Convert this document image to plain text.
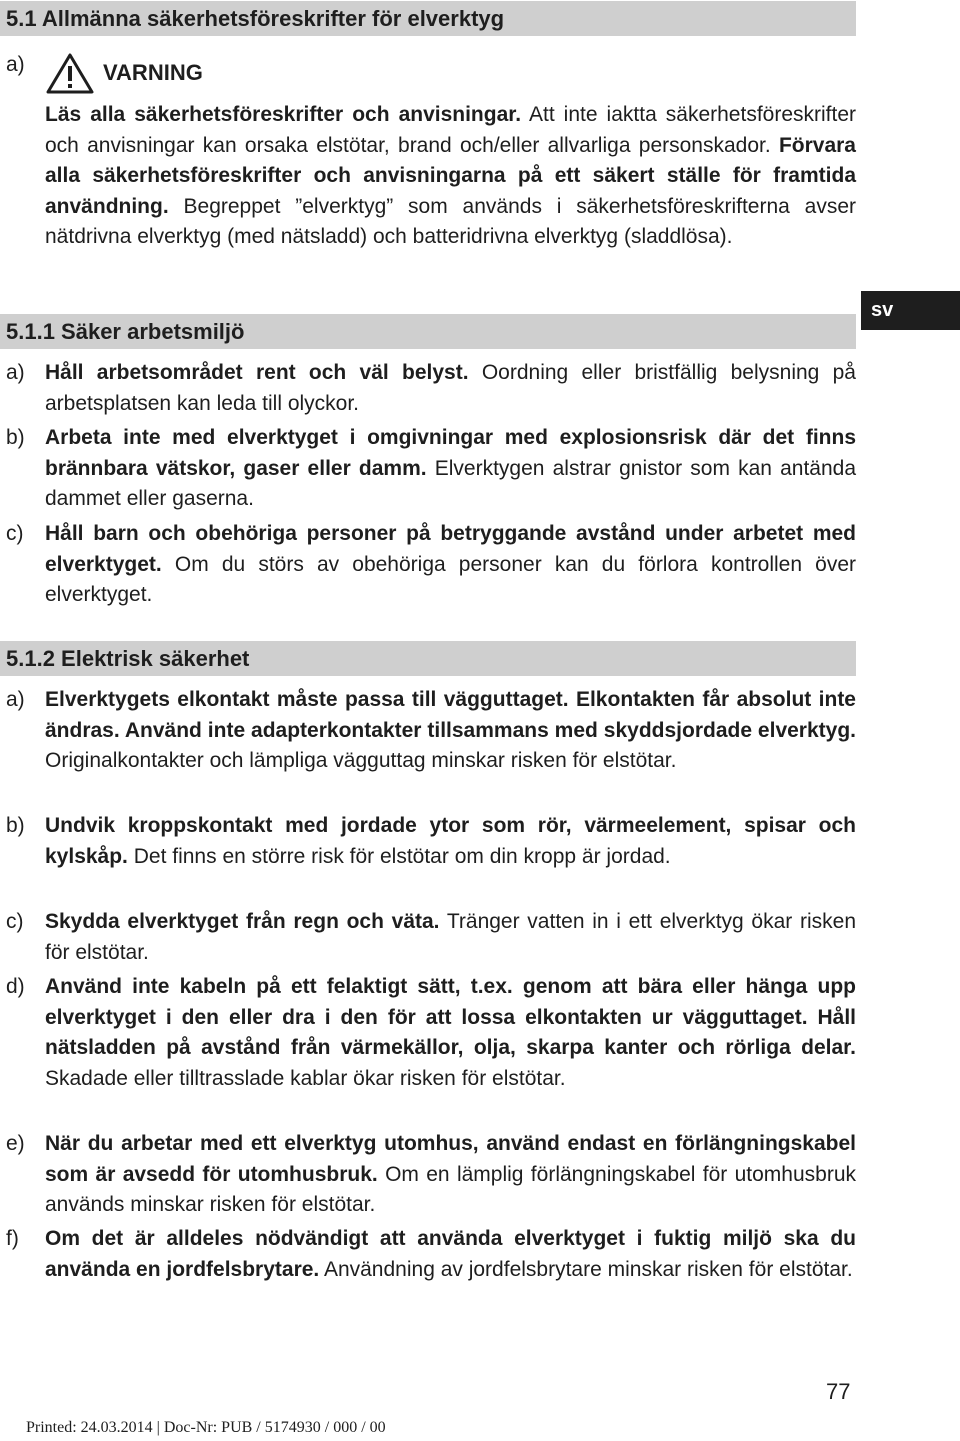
5.1 Allmänna säkerhetsföreskrifter för elverktyg
a)	VARNING
Läs alla säkerhetsföreskrifter och anvisningar. Att inte iaktta säkerhetsföreskrifter och anvisningar kan orsaka elstötar, brand och/eller allvarliga personskador. Förvara alla säkerhetsföreskrifter och anvisningarna på ett säkert ställe för framtida användning. Begreppet ”elverktyg” som används i säkerhetsföreskrifterna avser nätdrivna elverktyg (med nätsladd) och batteridrivna elverktyg (sladdlösa).
sv
5.1.1 Säker arbetsmiljö
a) Håll arbetsområdet rent och väl belyst. Oordning eller bristfällig belysning på arbetsplatsen kan leda till olyckor.
b) Arbeta inte med elverktyget i omgivningar med explosionsrisk där det finns brännbara vätskor, gaser eller damm. Elverktygen alstrar gnistor som kan antända dammet eller gaserna.
c) Håll barn och obehöriga personer på betryggande avstånd under arbetet med elverktyget. Om du störs av obehöriga personer kan du förlora kontrollen över elverktyget.
5.1.2 Elektrisk säkerhet
a) Elverktygets elkontakt måste passa till vägguttaget. Elkontakten får absolut inte ändras. Använd inte adapterkontakter tillsammans med skyddsjordade elverktyg. Originalkontakter och lämpliga vägguttag minskar risken för elstötar.
b) Undvik kroppskontakt med jordade ytor som rör, värmeelement, spisar och kylskåp. Det finns en större risk för elstötar om din kropp är jordad.
c) Skydda elverktyget från regn och väta. Tränger vatten in i ett elverktyg ökar risken för elstötar.
d) Använd inte kabeln på ett felaktigt sätt, t.ex. genom att bära eller hänga upp elverktyget i den eller dra i den för att lossa elkontakten ur vägguttaget. Håll nätsladden på avstånd från värmekällor, olja, skarpa kanter och rörliga delar. Skadade eller tilltrasslade kablar ökar risken för elstötar.
e) När du arbetar med ett elverktyg utomhus, använd endast en förlängningskabel som är avsedd för utomhusbruk. Om en lämplig förlängningskabel för utomhusbruk används minskar risken för elstötar.
f) Om det är alldeles nödvändigt att använda elverktyget i fuktig miljö ska du använda en jordfelsbrytare. Användning av jordfelsbrytare minskar risken för elstötar.
77
Printed: 24.03.2014 | Doc-Nr: PUB / 5174930 / 000 / 00
